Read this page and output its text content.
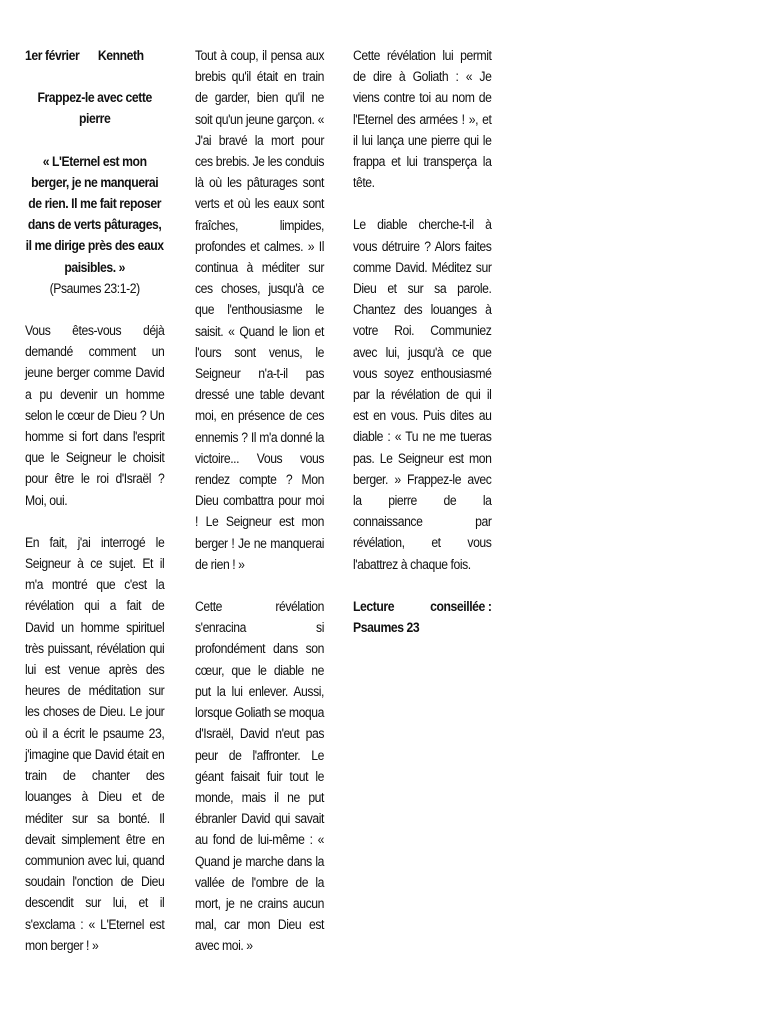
1er février Kenneth

Frappez-le avec cette pierre

« L'Eternel est mon berger, je ne manquerai de rien. Il me fait reposer dans de verts pâturages, il me dirige près des eaux paisibles. »

(Psaumes 23:1-2)

Vous êtes-vous déjà demandé comment un jeune berger comme David a pu devenir un homme selon le cœur de Dieu ? Un homme si fort dans l'esprit que le Seigneur le choisit pour être le roi d'Israël ? Moi, oui.

En fait, j'ai interrogé le Seigneur à ce sujet. Et il m'a montré que c'est la révélation qui a fait de David un homme spirituel très puissant, révélation qui lui est venue après des heures de méditation sur les choses de Dieu. Le jour où il a écrit le psaume 23, j'imagine que David était en train de chanter des louanges à Dieu et de méditer sur sa bonté. Il devait simplement être en communion avec lui, quand soudain l'onction de Dieu descendit sur lui, et il s'exclama : « L'Eternel est mon berger ! »

Tout à coup, il pensa aux brebis qu'il était en train de garder, bien qu'il ne soit qu'un jeune garçon. « J'ai bravé la mort pour ces brebis. Je les conduis là où les pâturages sont verts et où les eaux sont fraîches, limpides, profondes et calmes. » Il continua à méditer sur ces choses, jusqu'à ce que l'enthousiasme le saisit. « Quand le lion et l'ours sont venus, le Seigneur n'a-t-il pas dressé une table devant moi, en présence de ces ennemis ? Il m'a donné la victoire... Vous vous rendez compte ? Mon Dieu combattra pour moi ! Le Seigneur est mon berger ! Je ne manquerai de rien ! »

Cette révélation s'enracina si profondément dans son cœur, que le diable ne put la lui enlever. Aussi, lorsque Goliath se moqua d'Israël, David n'eut pas peur de l'affronter. Le géant faisait fuir tout le monde, mais il ne put ébranler David qui savait au fond de lui-même : « Quand je marche dans la vallée de l'ombre de la mort, je ne crains aucun mal, car mon Dieu est avec moi. »

Cette révélation lui permit de dire à Goliath : « Je viens contre toi au nom de l'Eternel des armées ! », et il lui lança une pierre qui le frappa et lui transperça la tête.

Le diable cherche-t-il à vous détruire ? Alors faites comme David. Méditez sur Dieu et sur sa parole. Chantez des louanges à votre Roi. Communiez avec lui, jusqu'à ce que vous soyez enthousiasmé par la révélation de qui il est en vous. Puis dites au diable : « Tu ne me tueras pas. Le Seigneur est mon berger. » Frappez-le avec la pierre de la connaissance par révélation, et vous l'abattrez à chaque fois.

Lecture	conseillée :
Psaumes 23
